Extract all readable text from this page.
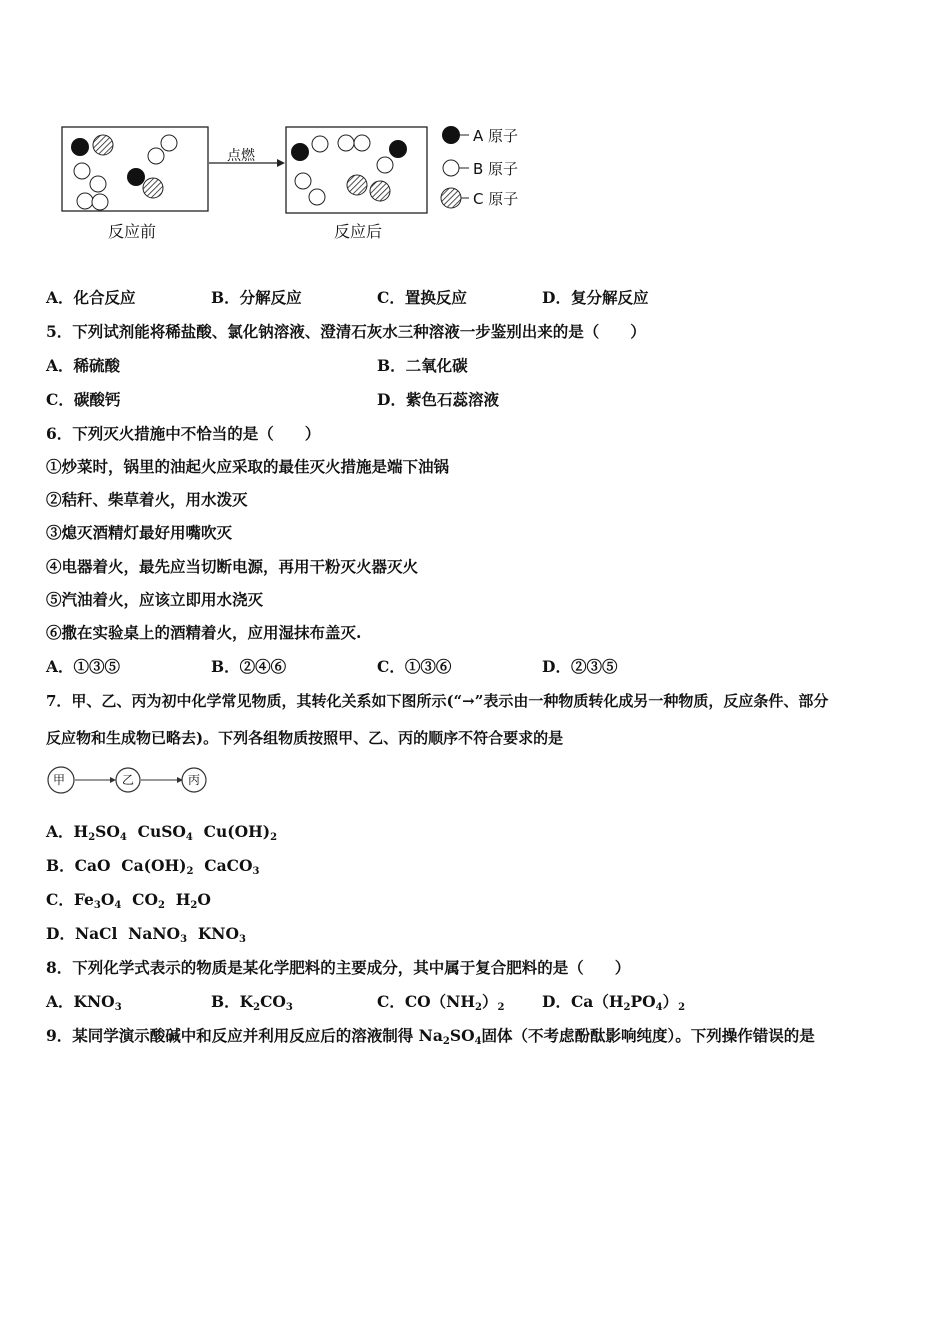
点燃
反应前	反应后
A 原子
B 原子
C 原子
A．化合反应	B．分解反应	C．置换反应	D．复分解反应
5．下列试剂能将稀盐酸、氯化钠溶液、澄清石灰水三种溶液一步鉴别出来的是（　　）
A．稀硫酸	B．二氧化碳
C．碳酸钙	D．紫色石蕊溶液
6．下列灭火措施中不恰当的是（　　）
①炒菜时，锅里的油起火应采取的最佳灭火措施是端下油锅
②秸秆、柴草着火，用水泼灭
③熄灭酒精灯最好用嘴吹灭
④电器着火，最先应当切断电源，再用干粉灭火器灭火
⑤汽油着火，应该立即用水浇灭
⑥撒在实验桌上的酒精着火，应用湿抹布盖灭.
A．①③⑤	B．②④⑥	C．①③⑥	D．②③⑤
7．甲、乙、丙为初中化学常见物质，其转化关系如下图所示(“→”表示由一种物质转化成另一种物质，反应条件、部分
反应物和生成物已略去)。下列各组物质按照甲、乙、丙的顺序不符合要求的是
甲	乙	丙
A．$H_2SO_4$  CuSO$_4$  $Cu(OH)_2$
B．CaO  $Ca(OH)_2$  CaCO$_3$
C．$Fe_3O_4$  $CO_2$  $H_2O$
D．NaCl  NaNO$_3$  $KNO_3$
8．下列化学式表示的物质是某化学肥料的主要成分，其中属于复合肥料的是（　　）
A．$KNO_3$	B．$K_2CO_3$	C．$CO(NH_2)_2$ D．$Ca(H_2PO_4)_2$
9．某同学演示酸碱中和反应并利用反应后的溶液制得 $Na_2SO_4$固体（不考虑酚酞影响纯度）。下列操作错误的是
